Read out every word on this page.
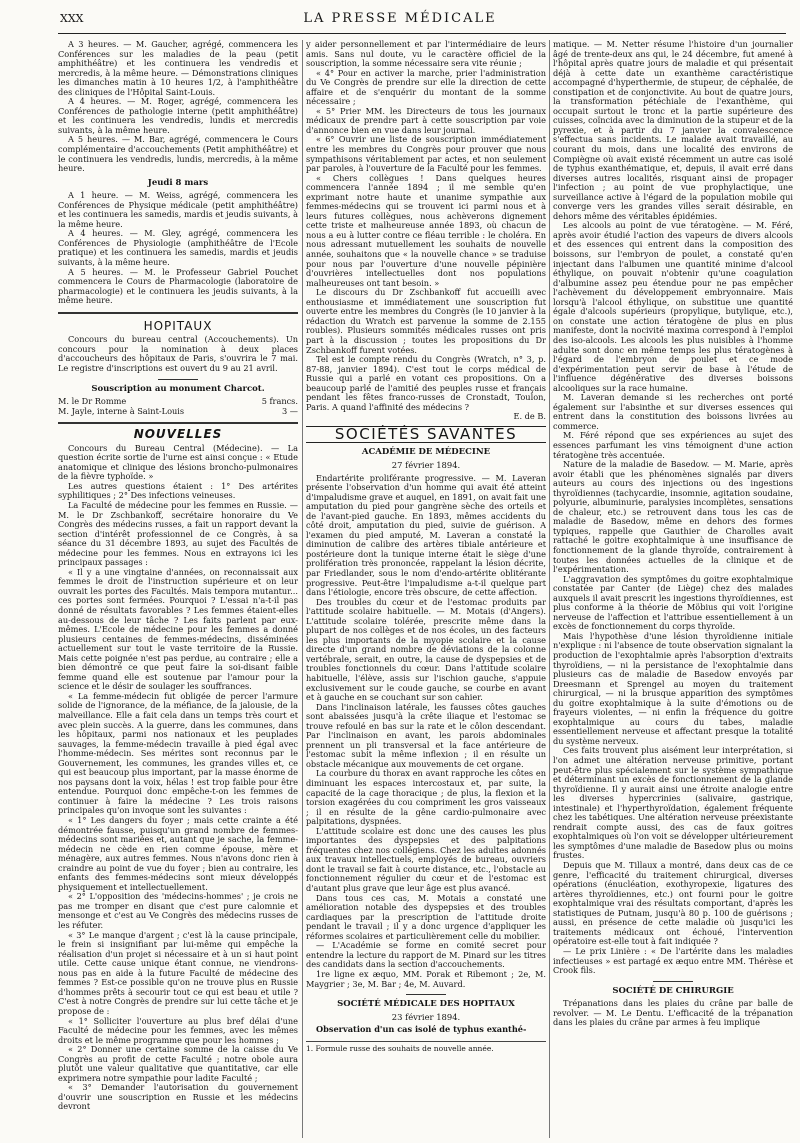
XXX	LA PRESSE MÉDICALE

A 3 heures. — M. Gaucher, agrégé, commencera les Conférences sur les maladies de la peau (petit amphithéâtre) et les continuera les vendredis et mercredis, à la même heure. — Démonstrations cliniques les dimanches matin à 10 heures 1/2, à l'amphithéâtre des cliniques de l'Hôpital Saint-Louis.

A 4 heures. — M. Roger, agrégé, commencera les Conférences de pathologie interne (petit amphithéâtre) et les continuera les vendredis, lundis et mercredis suivants, à la même heure.

A 5 heures. — M. Bar, agrégé, commencera le Cours complémentaire d'accouchements (Petit amphithéâtre) et le continuera les vendredis, lundis, mercredis, à la même heure.

Jeudi 8 mars

A 1 heure. — M. Weiss, agrégé, commencera les Conférences de Physique médicale (petit amphithéâtre) et les continuera les samedis, mardis et jeudis suivants, à la même heure.

A 4 heures. — M. Gley, agrégé, commencera les Conférences de Physiologie (amphithéâtre de l'Ecole pratique) et les continuera les samedis, mardis et jeudis suivants, à la même heure.

A 5 heures. — M. le Professeur Gabriel Pouchet commencera le Cours de Pharmacologie (laboratoire de pharmacologie) et le continuera les jeudis suivants, à la même heure.

HOPITAUX

Concours du bureau central (Accouchements). Un concours pour la nomination à deux places d'accoucheurs des hôpitaux de Paris, s'ouvrira le 7 mai. Le registre d'inscriptions est ouvert du 9 au 21 avril.

Souscription au monument Charcot.
M. le Dr Romme	5 francs.
M. Jayle, interne à Saint-Louis	3 —
NOUVELLES

Concours du Bureau Central (Médecine). — La question écrite sortie de l'urne est ainsi conçue : « Etude anatomique et clinique des lésions broncho-pulmonaires de la fièvre typhoïde. »

Les autres questions étaient : 1° Des artérites syphilitiques ; 2° Des infections veineuses.

La Faculté de médecine pour les femmes en Russie. — M. le Dr Zschbankoff, secrétaire honoraire du Ve Congrès des médecins russes, a fait un rapport devant la section d'intérêt professionnel de ce Congrès, à sa séance du 31 décembre 1893, au sujet des Facultés de médecine pour les femmes. Nous en extrayons ici les principaux passages :

« Il y a une vingtaine d'années, on reconnaissait aux femmes le droit de l'instruction supérieure et on leur ouvrait les portes des Facultés. Mais tempora mutantur... ces portes sont fermées. Pourquoi ? L'essai n'a-t-il pas donné de résultats favorables ? Les femmes étaient-elles au-dessous de leur tâche ? Les faits parlent par eux-mêmes. L'Ecole de médecine pour les femmes a donné plusieurs centaines de femmes-médecins, disséminées actuellement sur tout le vaste territoire de la Russie. Mais cette poignée n'est pas perdue, au contraire ; elle a bien démontré ce que peut faire la soi-disant faible femme quand elle est soutenue par l'amour pour la science et le désir de soulager les souffrances.

« La femme-médecin fut obligée de percer l'armure solide de l'ignorance, de la méfiance, de la jalousie, de la malveillance. Elle a fait cela dans un temps très court et avec plein succès. A la guerre, dans les communes, dans les hôpitaux, parmi nos nationaux et les peuplades sauvages, la femme-médecin travaille à pied égal avec l'homme-médecin. Ses mérites sont reconnus par le Gouvernement, les communes, les grandes villes et, ce qui est beaucoup plus important, par la masse énorme de nos paysans dont la voix, hélas ! est trop faible pour être entendue. Pourquoi donc empêche-t-on les femmes de continuer à faire la médecine ? Les trois raisons principales qu'on invoque sont les suivantes :

« 1° Les dangers du foyer ; mais cette crainte a été démontrée fausse, puisqu'un grand nombre de femmes-médecins sont mariées et, autant que je sache, la femme-médecin ne cède en rien comme épouse, mère et ménagère, aux autres femmes. Nous n'avons donc rien à craindre au point de vue du foyer ; bien au contraire, les enfants des femmes-médecins sont mieux développés physiquement et intellectuellement.

« 2° L'opposition des 'médecins-hommes' ; je crois ne pas me tromper en disant que c'est pure calomnie et mensonge et c'est au Ve Congrès des médecins russes de les réfuter.

« 3° Le manque d'argent ; c'est là la cause principale, le frein si insignifiant par lui-même qui empêche la réalisation d'un projet si nécessaire et à un si haut point utile. Cette cause unique étant connue, ne viendrons-nous pas en aide à la future Faculté de médecine des femmes ? Est-ce possible qu'on ne trouve plus en Russie d'hommes prêts à secourir tout ce qui est beau et utile ? C'est à notre Congrès de prendre sur lui cette tâche et je propose de :

« 1° Solliciter l'ouverture au plus bref délai d'une Faculté de médecine pour les femmes, avec les mêmes droits et le même programme que pour les hommes ;

« 2° Donner une certaine somme de la caisse du Ve Congrès au profit de cette Faculté ; notre obole aura plutôt une valeur qualitative que quantitative, car elle exprimera notre sympathie pour ladite Faculté ;

« 3° Demander l'autorisation du gouvernement d'ouvrir une souscription en Russie et les médecins devront

y aider personnellement et par l'intermédiaire de leurs amis. Sans nul doute, vu le caractère officiel de la souscription, la somme nécessaire sera vite réunie ;

« 4° Pour en activer la marche, prier l'administration du Ve Congrès de prendre sur elle la direction de cette affaire et de s'enquérir du montant de la somme nécessaire ;

« 5° Prier MM. les Directeurs de tous les journaux médicaux de prendre part à cette souscription par voie d'annonce bien en vue dans leur journal.

« 6° Ouvrir une liste de souscription immédiatement entre les membres du Congrès pour prouver que nous sympathisons véritablement par actes, et non seulement par paroles, à l'ouverture de la Faculté pour les femmes.

« Chers collègues ! Dans quelques heures commencera l'année 1894 ; il me semble qu'en exprimant notre haute et unanime sympathie aux femmes-médecins qui se trouvent ici parmi nous et à leurs futures collègues, nous achèverons dignement cette triste et malheureuse année 1893, où chacun de nous a eu à lutter contre ce fléau terrible : le choléra. En nous adressant mutuellement les souhaits de nouvelle année, souhaitons que « la nouvelle chance » se traduise pour nous par l'ouverture d'une nouvelle pépinière d'ouvrières intellectuelles dont nos populations malheureuses ont tant besoin. »

Le discours du Dr Zschbankoff fut accueilli avec enthousiasme et immédiatement une souscription fut ouverte entre les membres du Congrès (le 10 janvier à la rédaction du Wratch est parvenue la somme de 2.155 roubles). Plusieurs sommités médicales russes ont pris part à la discussion ; toutes les propositions du Dr Zschbankoff furent votées.

Tel est le compte rendu du Congrès (Wratch, n° 3, p. 87-88, janvier 1894). C'est tout le corps médical de Russie qui a parlé en votant ces propositions. On a beaucoup parlé de l'amitié des peuples russe et français pendant les fêtes franco-russes de Cronstadt, Toulon, Paris. A quand l'affinité des médecins ?

E. de B.
SOCIÉTÉS SAVANTES
ACADÉMIE DE MÉDECINE
27 février 1894.

Endartérite proliférante progressive. — M. Laveran présente l'observation d'un homme qui avait été atteint d'impaludisme grave et auquel, en 1891, on avait fait une amputation du pied pour gangrène sèche des orteils et de l'avant-pied gauche. En 1893, mêmes accidents du côté droit, amputation du pied, suivie de guérison. A l'examen du pied amputé, M. Laveran a constaté la diminution de calibre des artères tibiale antérieure et postérieure dont la tunique interne était le siège d'une prolifération très prononcée, rappelant la lésion décrite, par Friedlander, sous le nom d'endo-artérite oblitérante progressive. Peut-être l'impaludisme a-t-il quelque part dans l'étiologie, encore très obscure, de cette affection.

Des troubles du cœur et de l'estomac produits par l'attitude scolaire habituelle. — M. Motais (d'Angers). L'attitude scolaire tolérée, prescrite même dans la plupart de nos collèges et de nos écoles, un des facteurs les plus importants de la myopie scolaire et la cause directe d'un grand nombre de déviations de la colonne vertébrale, serait, en outre, la cause de dyspepsies et de troubles fonctionnels du cœur. Dans l'attitude scolaire habituelle, l'élève, assis sur l'ischion gauche, s'appuie exclusivement sur le coude gauche, se courbe en avant et à gauche en se couchant sur son cahier.

Dans l'inclinaison latérale, les fausses côtes gauches sont abaissées jusqu'à la crête iliaque et l'estomac se trouve refoulé en bas sur la rate et le côlon descendant. Par l'inclinaison en avant, les parois abdominales prennent un pli transversal et la face antérieure de l'estomac subit la même inflexion ; il en résulte un obstacle mécanique aux mouvements de cet organe.

La courbure du thorax en avant rapproche les côtes en diminuant les espaces intercostaux et, par suite, la capacité de la cage thoracique ; de plus, la flexion et la torsion exagérées du cou compriment les gros vaisseaux ; il en résulte de la gêne cardio-pulmonaire avec palpitations, dyspnées.

L'attitude scolaire est donc une des causes les plus importantes des dyspepsies et des palpitations fréquentes chez nos collégiens. Chez les adultes adonnés aux travaux intellectuels, employés de bureau, ouvriers dont le travail se fait à courte distance, etc., l'obstacle au fonctionnement régulier du cœur et de l'estomac est d'autant plus grave que leur âge est plus avancé.

Dans tous ces cas, M. Motais a constaté une amélioration notable des dyspepsies et des troubles cardiaques par la prescription de l'attitude droite pendant le travail ; il y a donc urgence d'appliquer les réformes scolaires et particulièrement celle du mobilier.

— L'Académie se forme en comité secret pour entendre la lecture du rapport de M. Pinard sur les titres des candidats dans la section d'accouchements.

1re ligne ex æquo, MM. Porak et Ribemont ; 2e, M. Maygrier ; 3e, M. Bar ; 4e, M. Auvard.

SOCIÉTÉ MÉDICALE DES HOPITAUX
23 février 1894.

Observation d'un cas isolé de typhus exanthé-

1. Formule russe des souhaits de nouvelle année.

matique. — M. Netter résume l'histoire d'un journalier âgé de trente-deux ans qui, le 24 décembre, fut amené à l'hôpital après quatre jours de maladie et qui présentait déjà à cette date un exanthème caractéristique accompagné d'hyperthermie, de stupeur, de céphalée, de constipation et de conjonctivite. Au bout de quatre jours, la transformation pétéchiale de l'exanthème, qui occupait surtout le tronc et la partie supérieure des cuisses, coïncida avec la diminution de la stupeur et de la pyrexie, et à partir du 7 janvier la convalescence s'effectua sans incidents. Le malade avait travaillé, au courant du mois, dans une localité des environs de Compiègne où avait existé récemment un autre cas isolé de typhus exanthématique, et, depuis, il avait erré dans diverses autres localités, risquant ainsi de propager l'infection ; au point de vue prophylactique, une surveillance active à l'égard de la population mobile qui converge vers les grandes villes serait désirable, en dehors même des véritables épidémies.

Les alcools au point de vue tératogène. — M. Féré, après avoir étudié l'action des vapeurs de divers alcools et des essences qui entrent dans la composition des boissons, sur l'embryon de poulet, a constaté qu'en injectant dans l'albumen une quantité minime d'alcool éthylique, on pouvait n'obtenir qu'une coagulation d'albumine assez peu étendue pour ne pas empêcher l'achèvement du développement embryonnaire. Mais lorsqu'à l'alcool éthylique, on substitue une quantité égale d'alcools supérieurs (propylique, butylique, etc.), on constate une action tératogène de plus en plus manifeste, dont la nocivité maxima correspond à l'emploi des iso-alcools. Les alcools les plus nuisibles à l'homme adulte sont donc en même temps les plus tératogènes à l'égard de l'embryon de poulet et ce mode d'expérimentation peut servir de base à l'étude de l'influence dégénérative des diverses boissons alcooliques sur la race humaine.

M. Laveran demande si les recherches ont porté également sur l'absinthe et sur diverses essences qui entrent dans la constitution des boissons livrées au commerce.

M. Féré répond que ses expériences au sujet des essences parfumant les vins témoignent d'une action tératogène très accentuée.

Nature de la maladie de Basedow. — M. Marie, après avoir établi que les phénomènes signalés par divers auteurs au cours des injections ou des ingestions thyroïdiennes (tachycardie, insomnie, agitation soudaine, polyurie, albuminurie, paralysies incomplètes, sensations de chaleur, etc.) se retrouvent dans tous les cas de maladie de Basedow, même en dehors des formes typiques, rappelle que Gauthier de Charolles avait rattaché le goitre exophtalmique à une insuffisance de fonctionnement de la glande thyroïde, contrairement à toutes les données actuelles de la clinique et de l'expérimentation.

L'aggravation des symptômes du goitre exophtalmique constatée par Canter (de Liège) chez des malades auxquels il avait prescrit les ingestions thyroïdiennes, est plus conforme à la théorie de Möbius qui voit l'origine nerveuse de l'affection et l'attribue essentiellement à un excès de fonctionnement du corps thyroïde.

Mais l'hypothèse d'une lésion thyroïdienne initiale n'explique : ni l'absence de toute observation signalant la production de l'exophtalmie après l'absorption d'extraits thyroïdiens, — ni la persistance de l'exophtalmie dans plusieurs cas de maladie de Basedow envoyés par Dreesmann et Sprengel au moyen du traitement chirurgical, — ni la brusque apparition des symptômes du goitre exophtalmique à la suite d'émotions ou de frayeurs violentes, — ni enfin la fréquence du goitre exophtalmique au cours du tabes, maladie essentiellement nerveuse et affectant presque la totalité du système nerveux.

Ces faits trouvent plus aisément leur interprétation, si l'on admet une altération nerveuse primitive, portant peut-être plus spécialement sur le système sympathique et déterminant un excès de fonctionnement de la glande thyroïdienne. Il y aurait ainsi une étroite analogie entre les diverses hypercrinies (salivaire, gastrique, intestinale) et l'hyperthyroïdation, également fréquente chez les tabétiques. Une altération nerveuse préexistante rendrait compte aussi, des cas de faux goitres exophtalmiques où l'on voit se développer ultérieurement les symptômes d'une maladie de Basedow plus ou moins frustes.

Depuis que M. Tillaux a montré, dans deux cas de ce genre, l'efficacité du traitement chirurgical, diverses opérations (énucléation, exothyropexie, ligatures des artères thyroïdiennes, etc.) ont fourni pour le goitre exophtalmique vrai des résultats comportant, d'après les statistiques de Putnam, jusqu'à 80 p. 100 de guérisons ; aussi, en présence de cette maladie où jusqu'ici les traitements médicaux ont échoué, l'intervention opératoire est-elle tout à fait indiquée ?

— Le prix Linière : « De l'artérite dans les maladies infectieuses » est partagé ex æquo entre MM. Thérèse et Crook fils.

SOCIÉTÉ DE CHIRURGIE

Trépanations dans les plaies du crâne par balle de revolver. — M. Le Dentu. L'efficacité de la trépanation dans les plaies du crâne par armes à feu implique
